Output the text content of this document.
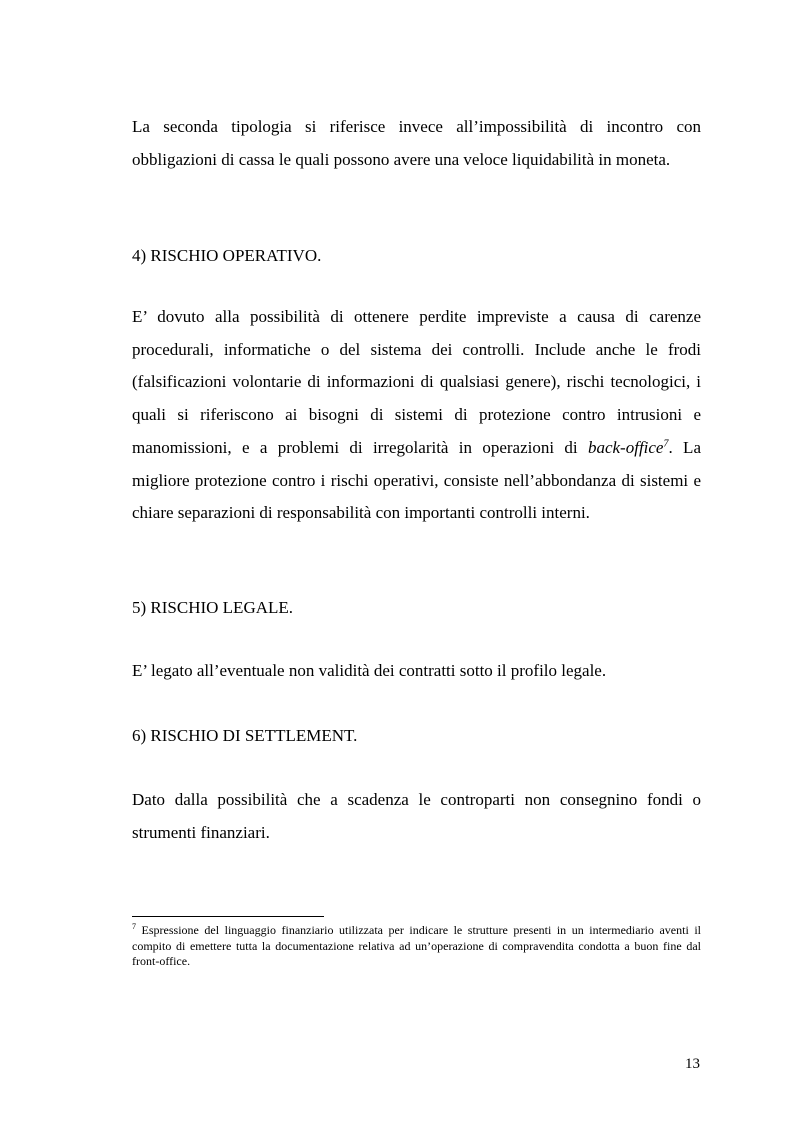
La seconda tipologia si riferisce invece all’impossibilità di incontro con obbligazioni di cassa le quali possono avere una veloce liquidabilità in moneta.

4) RISCHIO OPERATIVO.

E’ dovuto alla possibilità di ottenere perdite impreviste a causa di carenze procedurali, informatiche o del sistema dei controlli. Include anche le frodi (falsificazioni volontarie di informazioni di qualsiasi genere), rischi tecnologici, i quali si riferiscono ai bisogni di sistemi di protezione contro intrusioni e manomissioni, e a problemi di irregolarità in operazioni di back-office$^7$. La migliore protezione contro i rischi operativi, consiste nell’abbondanza di sistemi e chiare separazioni di responsabilità con importanti controlli interni.

5) RISCHIO LEGALE.

E’ legato all’eventuale non validità dei contratti sotto il profilo legale.

6) RISCHIO DI SETTLEMENT.

Dato dalla possibilità che a scadenza le controparti non consegnino fondi o strumenti finanziari.

$^7$ Espressione del linguaggio finanziario utilizzata per indicare le strutture presenti in un intermediario aventi il compito di emettere tutta la documentazione relativa ad un’operazione di compravendita condotta a buon fine dal front-office.

13
